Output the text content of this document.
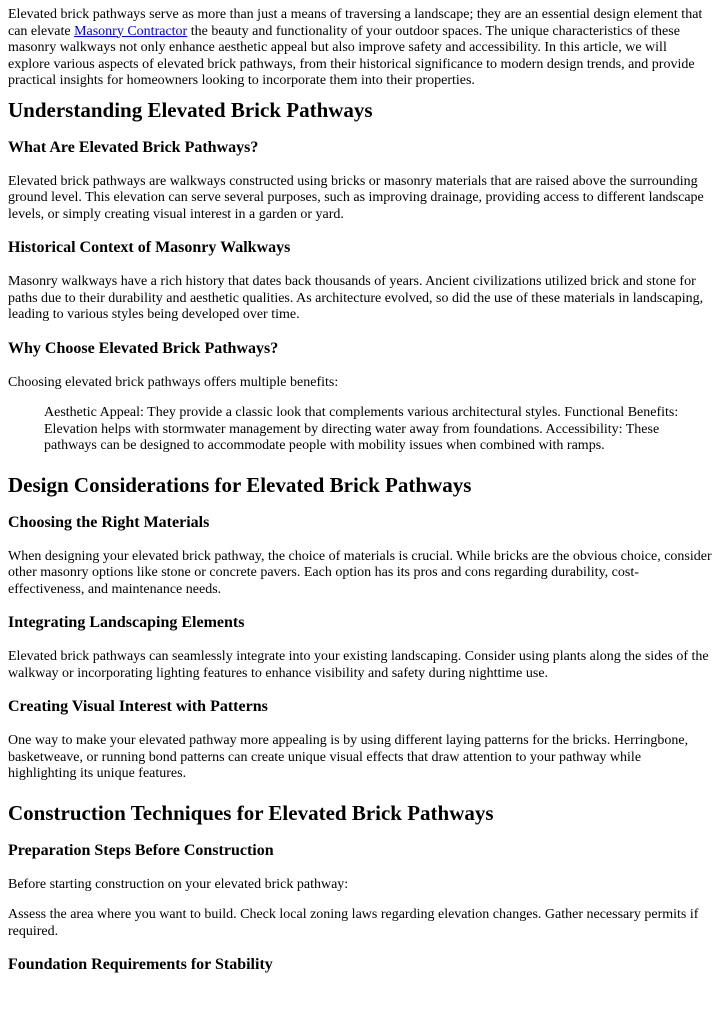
Elevated brick pathways serve as more than just a means of traversing a landscape; they are an essential design element that can elevate Masonry Contractor the beauty and functionality of your outdoor spaces. The unique characteristics of these masonry walkways not only enhance aesthetic appeal but also improve safety and accessibility. In this article, we will explore various aspects of elevated brick pathways, from their historical significance to modern design trends, and provide practical insights for homeowners looking to incorporate them into their properties.

Understanding Elevated Brick Pathways
What Are Elevated Brick Pathways?

Elevated brick pathways are walkways constructed using bricks or masonry materials that are raised above the surrounding ground level. This elevation can serve several purposes, such as improving drainage, providing access to different landscape levels, or simply creating visual interest in a garden or yard.

Historical Context of Masonry Walkways

Masonry walkways have a rich history that dates back thousands of years. Ancient civilizations utilized brick and stone for paths due to their durability and aesthetic qualities. As architecture evolved, so did the use of these materials in landscaping, leading to various styles being developed over time.

Why Choose Elevated Brick Pathways?

Choosing elevated brick pathways offers multiple benefits:

Aesthetic Appeal: They provide a classic look that complements various architectural styles. Functional Benefits: Elevation helps with stormwater management by directing water away from foundations. Accessibility: These pathways can be designed to accommodate people with mobility issues when combined with ramps.
Design Considerations for Elevated Brick Pathways
Choosing the Right Materials

When designing your elevated brick pathway, the choice of materials is crucial. While bricks are the obvious choice, consider other masonry options like stone or concrete pavers. Each option has its pros and cons regarding durability, cost-effectiveness, and maintenance needs.

Integrating Landscaping Elements

Elevated brick pathways can seamlessly integrate into your existing landscaping. Consider using plants along the sides of the walkway or incorporating lighting features to enhance visibility and safety during nighttime use.

Creating Visual Interest with Patterns

One way to make your elevated pathway more appealing is by using different laying patterns for the bricks. Herringbone, basketweave, or running bond patterns can create unique visual effects that draw attention to your pathway while highlighting its unique features.

Construction Techniques for Elevated Brick Pathways
Preparation Steps Before Construction

Before starting construction on your elevated brick pathway:

Assess the area where you want to build. Check local zoning laws regarding elevation changes. Gather necessary permits if required.

Foundation Requirements for Stability
